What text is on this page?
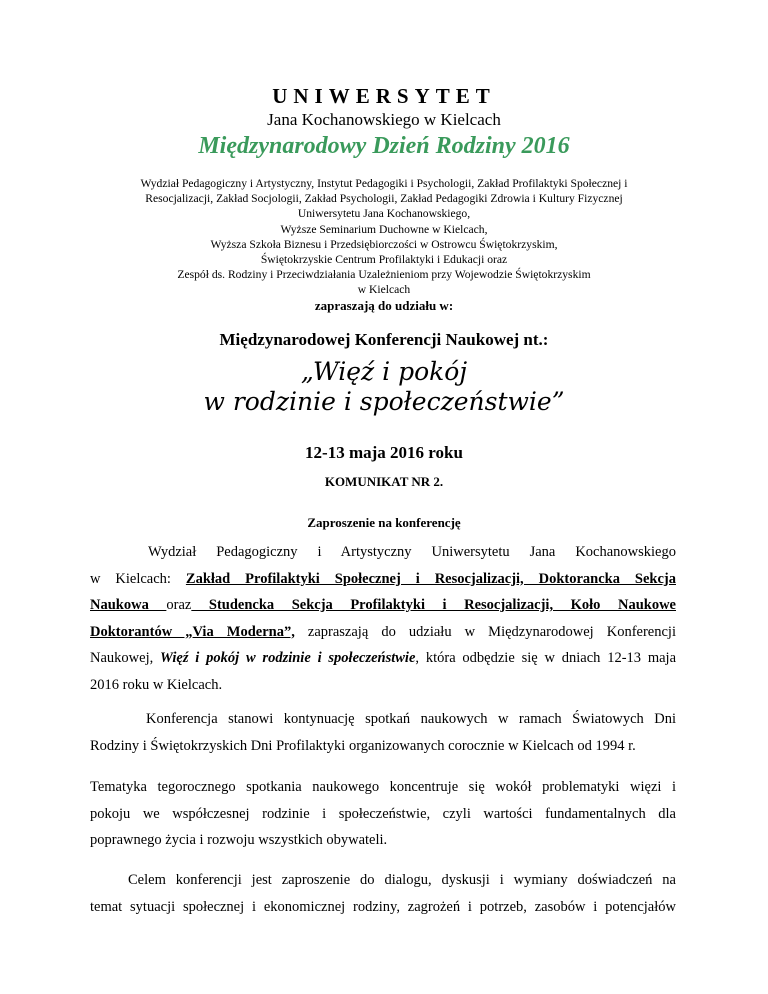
UNIWERSYTET
Jana Kochanowskiego w Kielcach
Międzynarodowy Dzień Rodziny 2016
Wydział Pedagogiczny i Artystyczny, Instytut Pedagogiki i Psychologii, Zakład Profilaktyki Społecznej i
Resocjalizacji, Zakład Socjologii, Zakład Psychologii, Zakład Pedagogiki Zdrowia i Kultury Fizycznej
Uniwersytetu Jana Kochanowskiego,
Wyższe Seminarium Duchowne w Kielcach,
Wyższa Szkoła Biznesu i Przedsiębiorczości w Ostrowcu Świętokrzyskim,
Świętokrzyskie Centrum Profilaktyki i Edukacji oraz
Zespół ds. Rodziny i Przeciwdziałania Uzależnieniom przy Wojewodzie Świętokrzyskim
w Kielcach
zapraszają do udziału w:
Międzynarodowej Konferencji Naukowej nt.:
„Więź i pokój
w rodzinie i społeczeństwie”
12-13 maja 2016 roku
KOMUNIKAT NR 2.
Zaproszenie na konferencję
Wydział Pedagogiczny i Artystyczny Uniwersytetu Jana Kochanowskiego
w Kielcach: Zakład Profilaktyki Społecznej i Resocjalizacji, Doktorancka Sekcja
Naukowa oraz Studencka Sekcja Profilaktyki i Resocjalizacji, Koło Naukowe
Doktorantów „Via Moderna”, zapraszają do udziału w Międzynarodowej Konferencji
Naukowej, Więź i pokój w rodzinie i społeczeństwie, która odbędzie się w dniach 12-13 maja
2016 roku w Kielcach.
Konferencja stanowi kontynuację spotkań naukowych w ramach Światowych Dni
Rodziny i Świętokrzyskich Dni Profilaktyki organizowanych corocznie w Kielcach od 1994 r.
Tematyka tegorocznego spotkania naukowego koncentruje się wokół problematyki więzi i
pokoju we współczesnej rodzinie i społeczeństwie, czyli wartości fundamentalnych dla
poprawnego życia i rozwoju wszystkich obywateli.
Celem konferencji jest zaproszenie do dialogu, dyskusji i wymiany doświadczeń na
temat sytuacji społecznej i ekonomicznej rodziny, zagrożeń i potrzeb, zasobów i potencjałów
